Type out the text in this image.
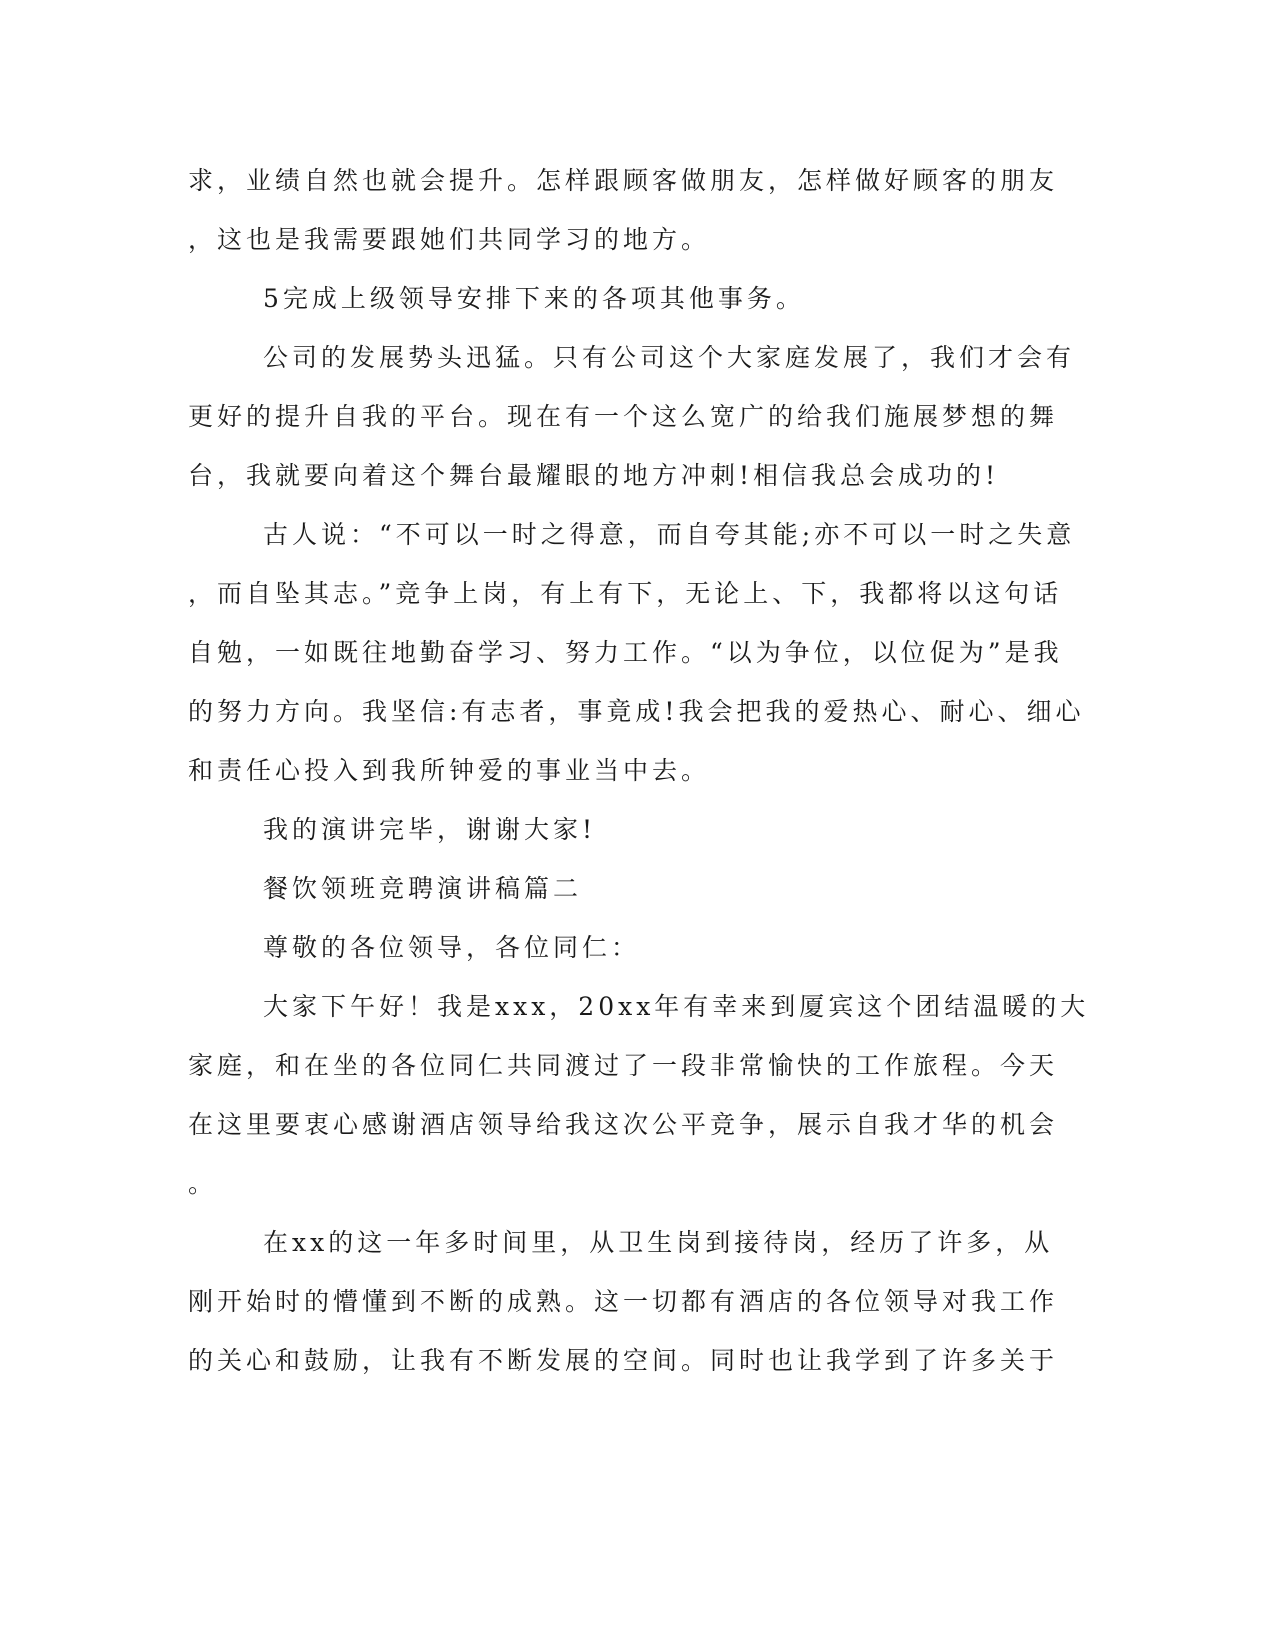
求，业绩自然也就会提升。怎样跟顾客做朋友，怎样做好顾客的朋友

，这也是我需要跟她们共同学习的地方。

5完成上级领导安排下来的各项其他事务。

公司的发展势头迅猛。只有公司这个大家庭发展了，我们才会有

更好的提升自我的平台。现在有一个这么宽广的给我们施展梦想的舞

台，我就要向着这个舞台最耀眼的地方冲刺!相信我总会成功的!

古人说：“不可以一时之得意，而自夸其能;亦不可以一时之失意

，而自坠其志。”竞争上岗，有上有下，无论上、下，我都将以这句话

自勉，一如既往地勤奋学习、努力工作。“以为争位，以位促为”是我

的努力方向。我坚信:有志者，事竟成!我会把我的爱热心、耐心、细心

和责任心投入到我所钟爱的事业当中去。

我的演讲完毕，谢谢大家!

餐饮领班竞聘演讲稿篇二

尊敬的各位领导，各位同仁：

大家下午好！我是xxx，20xx年有幸来到厦宾这个团结温暖的大

家庭，和在坐的各位同仁共同渡过了一段非常愉快的工作旅程。今天

在这里要衷心感谢酒店领导给我这次公平竞争，展示自我才华的机会

。

在xx的这一年多时间里，从卫生岗到接待岗，经历了许多，从

刚开始时的懵懂到不断的成熟。这一切都有酒店的各位领导对我工作

的关心和鼓励，让我有不断发展的空间。同时也让我学到了许多关于
